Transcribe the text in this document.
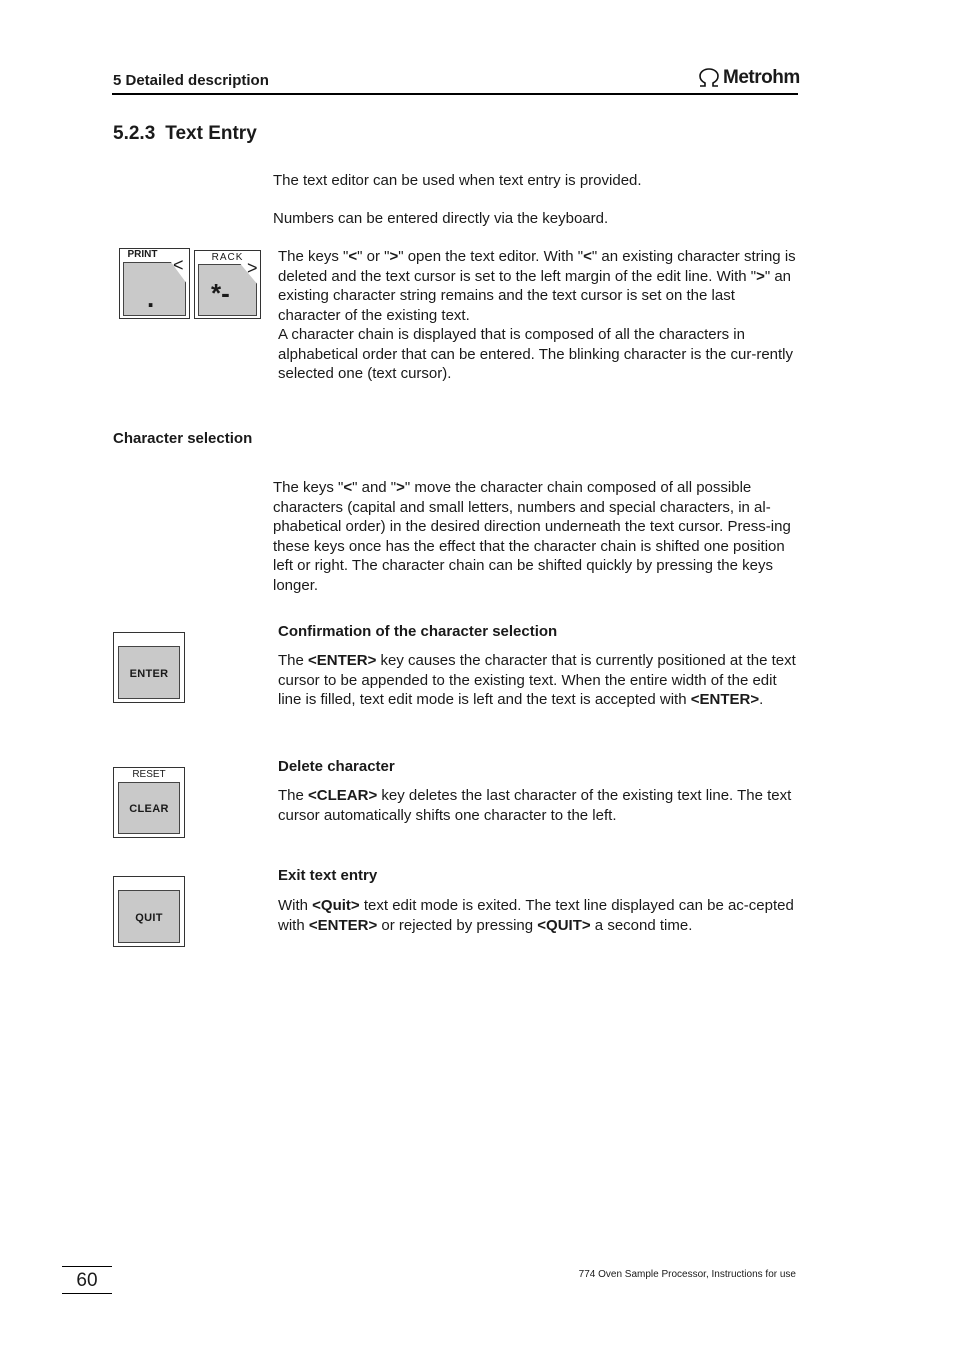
5 Detailed description	Metrohm
5.2.3 Text Entry
The text editor can be used when text entry is provided.
Numbers can be entered directly via the keyboard.
PRINT
<
.
RACK
>
*-
The keys "<" or ">" open the text editor. With "<" an existing character string is deleted and the text cursor is set to the left margin of the edit line. With ">" an existing character string remains and the text cursor is set on the last character of the existing text.
A character chain is displayed that is composed of all the characters in alphabetical order that can be entered. The blinking character is the cur-rently selected one (text cursor).
Character selection
The keys "<" and ">" move the character chain composed of all possible characters (capital and small letters, numbers and special characters, in al-phabetical order) in the desired direction underneath the text cursor. Press-ing these keys once has the effect that the character chain is shifted one position left or right. The character chain can be shifted quickly by pressing the keys longer.
ENTER
Confirmation of the character selection
The <ENTER> key causes the character that is currently positioned at the text cursor to be appended to the existing text. When the entire width of the edit line is filled, text edit mode is left and the text is accepted with <ENTER>.
RESET
CLEAR
Delete character
The <CLEAR> key deletes the last character of the existing text line. The text cursor automatically shifts one character to the left.
QUIT
Exit text entry
With <Quit> text edit mode is exited. The text line displayed can be ac-cepted with <ENTER> or rejected by pressing <QUIT> a second time.
60	774 Oven Sample Processor, Instructions for use
